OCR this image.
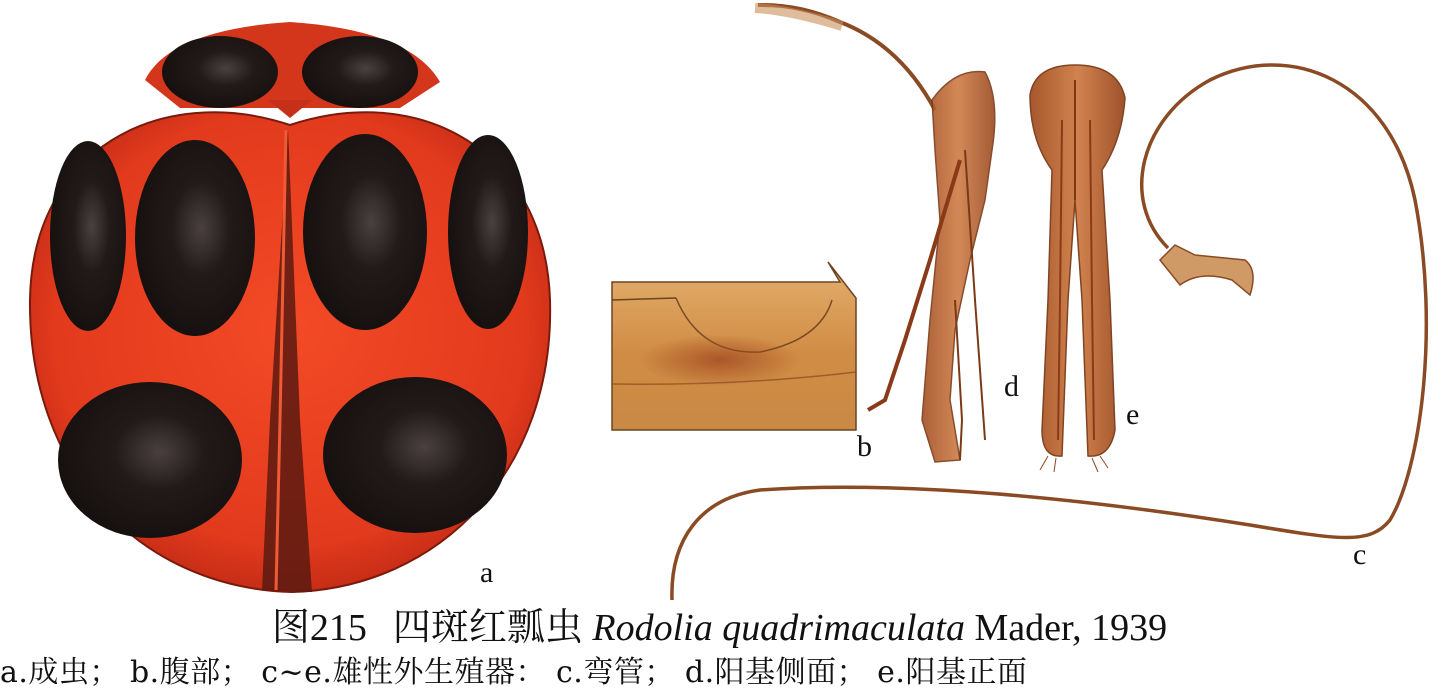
a
b
c
d
e
图215 四斑红瓢虫 Rodolia quadrimaculata Mader, 1939
a.成虫； b.腹部； c~e.雄性外生殖器： c.弯管； d.阳基侧面； e.阳基正面
